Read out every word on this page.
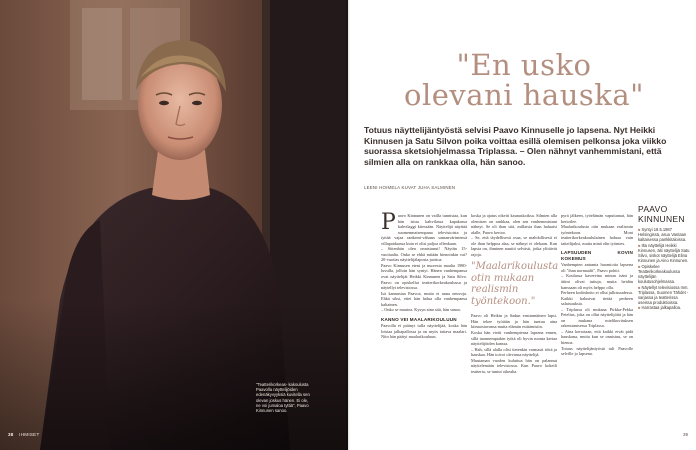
"Teatterikorkeas- kakoulusta Paavolla näyttelijöiden edenäkyvyyksiä kuvitella sen olevan joskus hänen. Ei ole, ne voi jumaloa tyttiä", Paavo Kinnunen sanoo.
38 IHMISET
"En usko
olevani hauska"
Totuus näyttelijäntyöstä selvisi Paavo Kinnuselle jo lapsena. Nyt Heikki Kinnusen ja Satu Silvon poika voittaa esillä olemisen pelkonsa joka viikko suorassa sketsiohjelmassa Triplassa. – Olen nähnyt vanhemmistani, että silmien alla on rankkaa olla, hän sanoo.
LEENI HOIMELA KUVAT JUHA SALMINEN

Paavo Kinnunen on vailla tunnistaa, kun hän istuu kahvilassa kapakassa kahvilaggi kiiessään. Näyttelijä näyttää suomenmaisempana televisioista ja tyttää vajaa rankemi-vähaan samanvärimensä villapaidaassa kuin ei olisi paljoa ollenkaan.

– Sittenhän olen onnistunut! Näytän 15-vuotiaalta. Onko se ehkä mitään hienoinkin vai? 20-vuotias näyttelijälaposta juottoa.

Paavo Kinnusen eteni ja nuoresta maalta 1980-luvulla, jolloin hän syntyi. Hänen vanhempansa ovat näyttelijät Heikki Kinnunen ja Satu Silvo. Paavo on opiskellut teatterikorkeakoulussa ja näytellyt televisiossa.

Isä kannustaa Paavoa, mutta ei anna neuvoja. Ehkä siksi, ettei hän halua olla vanhempansa kaltainen.

– Onko se mautoa. Kysyn aina sitä, hän sanoo.

KANNO VEI MAALARIKOULUUN

Paavolla ei pitänyt tulla näyttelijää, koska hän loistaa jalkapallossa ja on myös taitava maalari. Niin hän päätyi maalarikouluun.

koska ja ajatus oikeiti kaunaskoiksa. Silmien alla olemisen on rankkaa, olen sen vanhemmistani nähnyt. Se oli ihan sitä, millaisia ihan haluaisi alalle, Paavo kertoo.

– Se, että täydellisesti osaa, se mahdollisesti ei ole ihan helppoa alaa, se nähnyt ei olekaan. Kun lapsia on, ihminen nauttii selvästi, jotka ylittävät rajoja.

"Maalarikoulusta otin mukaan realismin työntekoon."

Paavo oli Heikin ja Sadun ensimmäinen lapsi. Hän tekee työtään ja hän tuntuu aina kiinnostavansa muita elämän esittämisiin.

Koska hän vietti vanhempiensa lapsena ennen, sillä tuonnempiakin työtä oli hyvin monta kertaa näyttelijöiden kanssa.

– Hah, sillä alalla olisi tietenkin varmasti töitä ja hauskaa. Hän toivoi olevansa näyttelijä.

Muutaman vuoden kuluttua hän on palannut näyttelemään televisiossa. Kun Paavo kokeili teatteria, se tuntui oikealta.

pyrä jälkeen, työelämän vaputtamat, hän kertoilee.

Maalarikoulusta otin mukaan realismin työntekoon. Moni teatterikorkeakoululainen haluaa vain taiteilijaksi, mutta minä olin työmies.

LAPSUUDEN KOVIN KOKEMUS

Vanhempien antamia huomioita lapsena oli "ihan normaalit", Paavo pohtii.

– Koulussa kavereina minun isäni ja äitini olivat tuttuja, mutta heidän kanssaan oli myös helppo olla.

Perheen kodinhoito ei ollut julkisuudessa. Kaikki halusivat tietää perheen salaisuuksia.

– Triplassa oli mukana Pirkka-Pekka Petelius, joka on ollut näyttelijöitä ja hän on mukana mielikuvituksen rakentamisessa Triplassa.

– Aina kerrotaan, että kaikki eivät pidä hauskana, mutta kun se onnistuu, se on hienoa.

Totuus näyttelijäntyöstä tuli Paavolle selville jo lapsena.

PAAVO KINNUNEN
■Syntyi 18.5.1987 Helsingissä, asuu Vantaan kaltaisessa pankkitaloissa.
■Ilta näyttelijä Heikki Kinnusen, äiti näyttelijä Satu Silvo, siskot näyttelijä Elina Kinnunen ja Aino Kinnunen.
■Opiskelee Teatterikorkeakoulussa näyttelijän koulutusohjelmassa.
■Näytellyt televisiossa mm. Triplassa, Suomen Tähdet -sarjassa ja teatterissa useissa produktioissa.
■Harrastaa jalkapalloa.
39
